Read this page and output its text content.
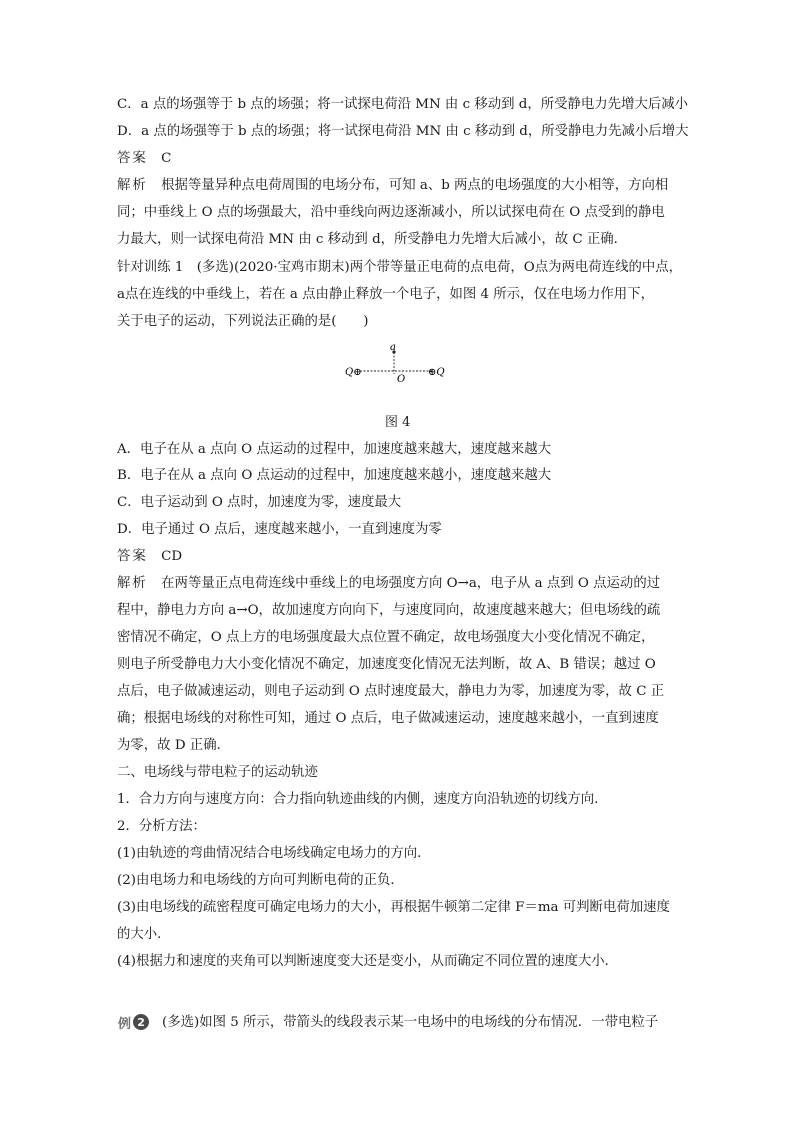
C．a 点的场强等于 b 点的场强；将一试探电荷沿 MN 由 c 移动到 d，所受静电力先增大后减小
D．a 点的场强等于 b 点的场强；将一试探电荷沿 MN 由 c 移动到 d，所受静电力先减小后增大
答案　 C
解析　 根据等量异种点电荷周围的电场分布，可知 a、b 两点的电场强度的大小相等，方向相
同；中垂线上 O 点的场强最大，沿中垂线向两边逐渐减小，所以试探电荷在 O 点受到的静电
力最大，则一试探电荷沿 MN 由 c 移动到 d，所受静电力先增大后减小，故 C 正确．
针对训练 1　(多选)(2020·宝鸡市期末)两个带等量正电荷的点电荷，O点为两电荷连线的中点，
a点在连线的中垂线上，若在 a 点由静止释放一个电子，如图 4 所示，仅在电场力作用下，
关于电子的运动，下列说法正确的是(　　)
a
Q⊕
O
⊕Q
图 4
A．电子在从 a 点向 O 点运动的过程中，加速度越来越大，速度越来越大
B．电子在从 a 点向 O 点运动的过程中，加速度越来越小，速度越来越大
C．电子运动到 O 点时，加速度为零，速度最大
D．电子通过 O 点后，速度越来越小，一直到速度为零
答案　 CD
解析　 在两等量正点电荷连线中垂线上的电场强度方向 O→a，电子从 a 点到 O 点运动的过
程中，静电力方向 a→O，故加速度方向向下，与速度同向，故速度越来越大；但电场线的疏
密情况不确定，O 点上方的电场强度最大点位置不确定，故电场强度大小变化情况不确定，
则电子所受静电力大小变化情况不确定，加速度变化情况无法判断，故 A、B 错误；越过 O
点后，电子做减速运动，则电子运动到 O 点时速度最大，静电力为零，加速度为零，故 C 正
确；根据电场线的对称性可知，通过 O 点后，电子做减速运动，速度越来越小，一直到速度
为零，故 D 正确．
二、电场线与带电粒子的运动轨迹
1．合力方向与速度方向：合力指向轨迹曲线的内侧，速度方向沿轨迹的切线方向．
2．分析方法：
(1)由轨迹的弯曲情况结合电场线确定电场力的方向．
(2)由电场力和电场线的方向可判断电荷的正负．
(3)由电场线的疏密程度可确定电场力的大小，再根据牛顿第二定律 F＝ma 可判断电荷加速度
的大小．
(4)根据力和速度的夹角可以判断速度变大还是变小，从而确定不同位置的速度大小．
例 2	(多选)如图 5 所示，带箭头的线段表示某一电场中的电场线的分布情况．一带电粒子
